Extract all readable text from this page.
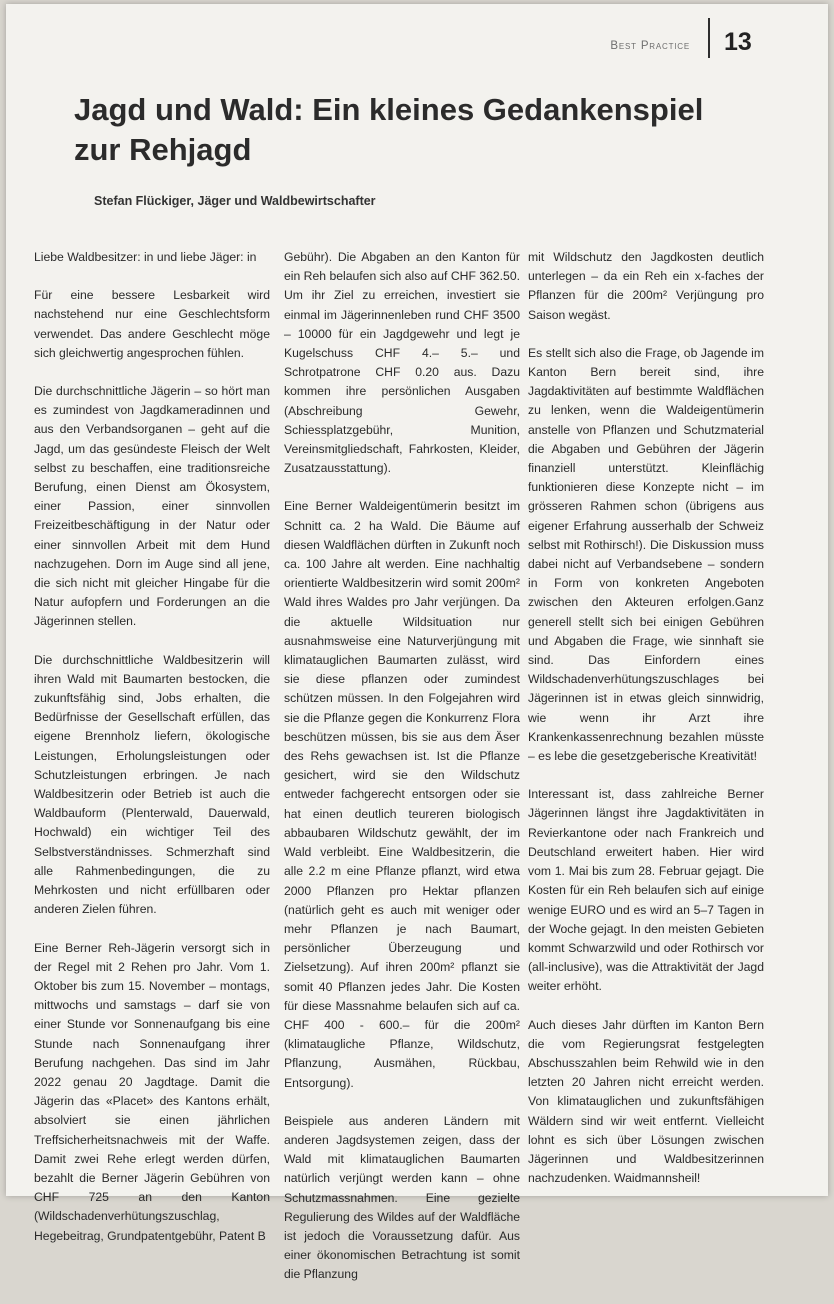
Best Practice 13
Jagd und Wald: Ein kleines Gedankenspiel zur Rehjagd
Stefan Flückiger, Jäger und Waldbewirtschafter

Liebe Waldbesitzer: in und liebe Jäger: in

Für eine bessere Lesbarkeit wird nachstehend nur eine Geschlechtsform verwendet. Das andere Geschlecht möge sich gleichwertig angesprochen fühlen.

Die durchschnittliche Jägerin – so hört man es zumindest von Jagdkameradinnen und aus den Verbandsorganen – geht auf die Jagd, um das gesündeste Fleisch der Welt selbst zu beschaffen, eine traditionsreiche Berufung, einen Dienst am Ökosystem, einer Passion, einer sinnvollen Freizeitbeschäftigung in der Natur oder einer sinnvollen Arbeit mit dem Hund nachzugehen. Dorn im Auge sind all jene, die sich nicht mit gleicher Hingabe für die Natur aufopfern und Forderungen an die Jägerinnen stellen.

Die durchschnittliche Waldbesitzerin will ihren Wald mit Baumarten bestocken, die zukunftsfähig sind, Jobs erhalten, die Bedürfnisse der Gesellschaft erfüllen, das eigene Brennholz liefern, ökologische Leistungen, Erholungsleistungen oder Schutzleistungen erbringen. Je nach Waldbesitzerin oder Betrieb ist auch die Waldbauform (Plenterwald, Dauerwald, Hochwald) ein wichtiger Teil des Selbstverständnisses. Schmerzhaft sind alle Rahmenbedingungen, die zu Mehrkosten und nicht erfüllbaren oder anderen Zielen führen.

Eine Berner Reh-Jägerin versorgt sich in der Regel mit 2 Rehen pro Jahr. Vom 1. Oktober bis zum 15. November – montags, mittwochs und samstags – darf sie von einer Stunde vor Sonnenaufgang bis eine Stunde nach Sonnenaufgang ihrer Berufung nachgehen. Das sind im Jahr 2022 genau 20 Jagdtage. Damit die Jägerin das «Placet» des Kantons erhält, absolviert sie einen jährlichen Treffsicherheitsnachweis mit der Waffe. Damit zwei Rehe erlegt werden dürfen, bezahlt die Berner Jägerin Gebühren von CHF 725 an den Kanton (Wildschadenverhütungszuschlag, Hegebeitrag, Grundpatentgebühr, Patent B

Gebühr). Die Abgaben an den Kanton für ein Reh belaufen sich also auf CHF 362.50. Um ihr Ziel zu erreichen, investiert sie einmal im Jägerinnenleben rund CHF 3500 – 10000 für ein Jagdgewehr und legt je Kugelschuss CHF 4.– 5.– und Schrotpatrone CHF 0.20 aus. Dazu kommen ihre persönlichen Ausgaben (Abschreibung Gewehr, Schiessplatzgebühr, Munition, Vereinsmitgliedschaft, Fahrkosten, Kleider, Zusatzausstattung).

Eine Berner Waldeigentümerin besitzt im Schnitt ca. 2 ha Wald. Die Bäume auf diesen Waldflächen dürften in Zukunft noch ca. 100 Jahre alt werden. Eine nachhaltig orientierte Waldbesitzerin wird somit 200m² Wald ihres Waldes pro Jahr verjüngen. Da die aktuelle Wildsituation nur ausnahmsweise eine Naturverjüngung mit klimatauglichen Baumarten zulässt, wird sie diese pflanzen oder zumindest schützen müssen. In den Folgejahren wird sie die Pflanze gegen die Konkurrenz Flora beschützen müssen, bis sie aus dem Äser des Rehs gewachsen ist. Ist die Pflanze gesichert, wird sie den Wildschutz entweder fachgerecht entsorgen oder sie hat einen deutlich teureren biologisch abbaubaren Wildschutz gewählt, der im Wald verbleibt. Eine Waldbesitzerin, die alle 2.2 m eine Pflanze pflanzt, wird etwa 2000 Pflanzen pro Hektar pflanzen (natürlich geht es auch mit weniger oder mehr Pflanzen je nach Baumart, persönlicher Überzeugung und Zielsetzung). Auf ihren 200m² pflanzt sie somit 40 Pflanzen jedes Jahr. Die Kosten für diese Massnahme belaufen sich auf ca. CHF 400 - 600.– für die 200m² (klimataugliche Pflanze, Wildschutz, Pflanzung, Ausmähen, Rückbau, Entsorgung).

Beispiele aus anderen Ländern mit anderen Jagdsystemen zeigen, dass der Wald mit klimatauglichen Baumarten natürlich verjüngt werden kann – ohne Schutzmassnahmen. Eine gezielte Regulierung des Wildes auf der Waldfläche ist jedoch die Voraussetzung dafür. Aus einer ökonomischen Betrachtung ist somit die Pflanzung

mit Wildschutz den Jagdkosten deutlich unterlegen – da ein Reh ein x-faches der Pflanzen für die 200m² Verjüngung pro Saison wegäst.

Es stellt sich also die Frage, ob Jagende im Kanton Bern bereit sind, ihre Jagdaktivitäten auf bestimmte Waldflächen zu lenken, wenn die Waldeigentümerin anstelle von Pflanzen und Schutzmaterial die Abgaben und Gebühren der Jägerin finanziell unterstützt. Kleinflächig funktionieren diese Konzepte nicht – im grösseren Rahmen schon (übrigens aus eigener Erfahrung ausserhalb der Schweiz selbst mit Rothirsch!). Die Diskussion muss dabei nicht auf Verbandsebene – sondern in Form von konkreten Angeboten zwischen den Akteuren erfolgen.Ganz generell stellt sich bei einigen Gebühren und Abgaben die Frage, wie sinnhaft sie sind. Das Einfordern eines Wildschadenverhütungszuschlages bei Jägerinnen ist in etwas gleich sinnwidrig, wie wenn ihr Arzt ihre Krankenkassenrechnung bezahlen müsste – es lebe die gesetzgeberische Kreativität!

Interessant ist, dass zahlreiche Berner Jägerinnen längst ihre Jagdaktivitäten in Revierkantone oder nach Frankreich und Deutschland erweitert haben. Hier wird vom 1. Mai bis zum 28. Februar gejagt. Die Kosten für ein Reh belaufen sich auf einige wenige EURO und es wird an 5–7 Tagen in der Woche gejagt. In den meisten Gebieten kommt Schwarzwild und oder Rothirsch vor (all-inclusive), was die Attraktivität der Jagd weiter erhöht.

Auch dieses Jahr dürften im Kanton Bern die vom Regierungsrat festgelegten Abschusszahlen beim Rehwild wie in den letzten 20 Jahren nicht erreicht werden. Von klimatauglichen und zukunftsfähigen Wäldern sind wir weit entfernt. Vielleicht lohnt es sich über Lösungen zwischen Jägerinnen und Waldbesitzerinnen nachzudenken. Waidmannsheil!
